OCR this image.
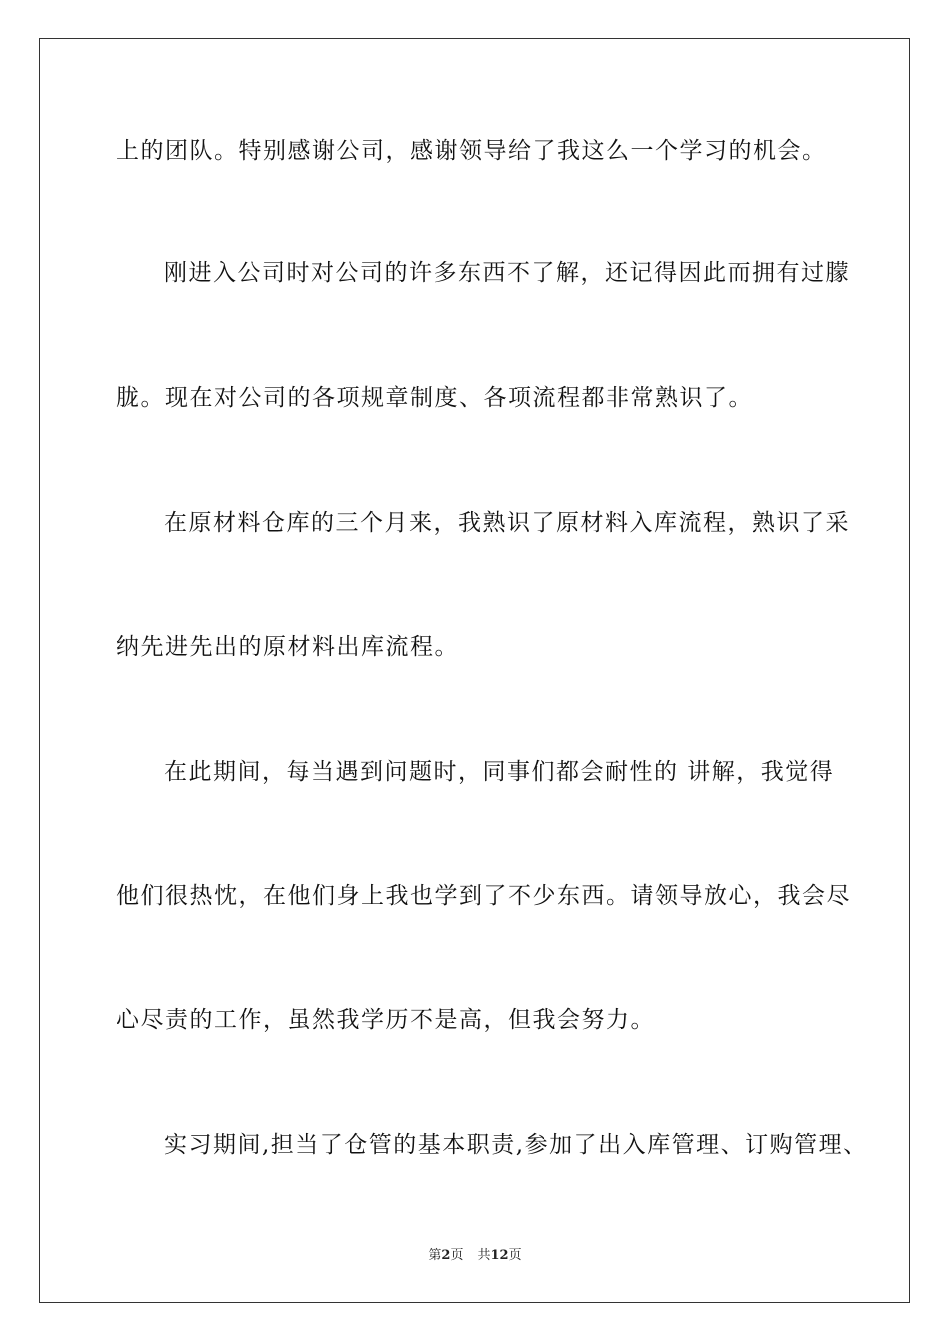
上的团队。特别感谢公司，感谢领导给了我这么一个学习的机会。
刚进入公司时对公司的许多东西不了解，还记得因此而拥有过朦
胧。现在对公司的各项规章制度、各项流程都非常熟识了。
在原材料仓库的三个月来，我熟识了原材料入库流程，熟识了采
纳先进先出的原材料出库流程。
在此期间，每当遇到问题时，同事们都会耐性的 讲解，我觉得
他们很热忱，在他们身上我也学到了不少东西。请领导放心，我会尽
心尽责的工作，虽然我学历不是高，但我会努力。
实习期间,担当了仓管的基本职责,参加了出入库管理、订购管理、
第2页 共12页
